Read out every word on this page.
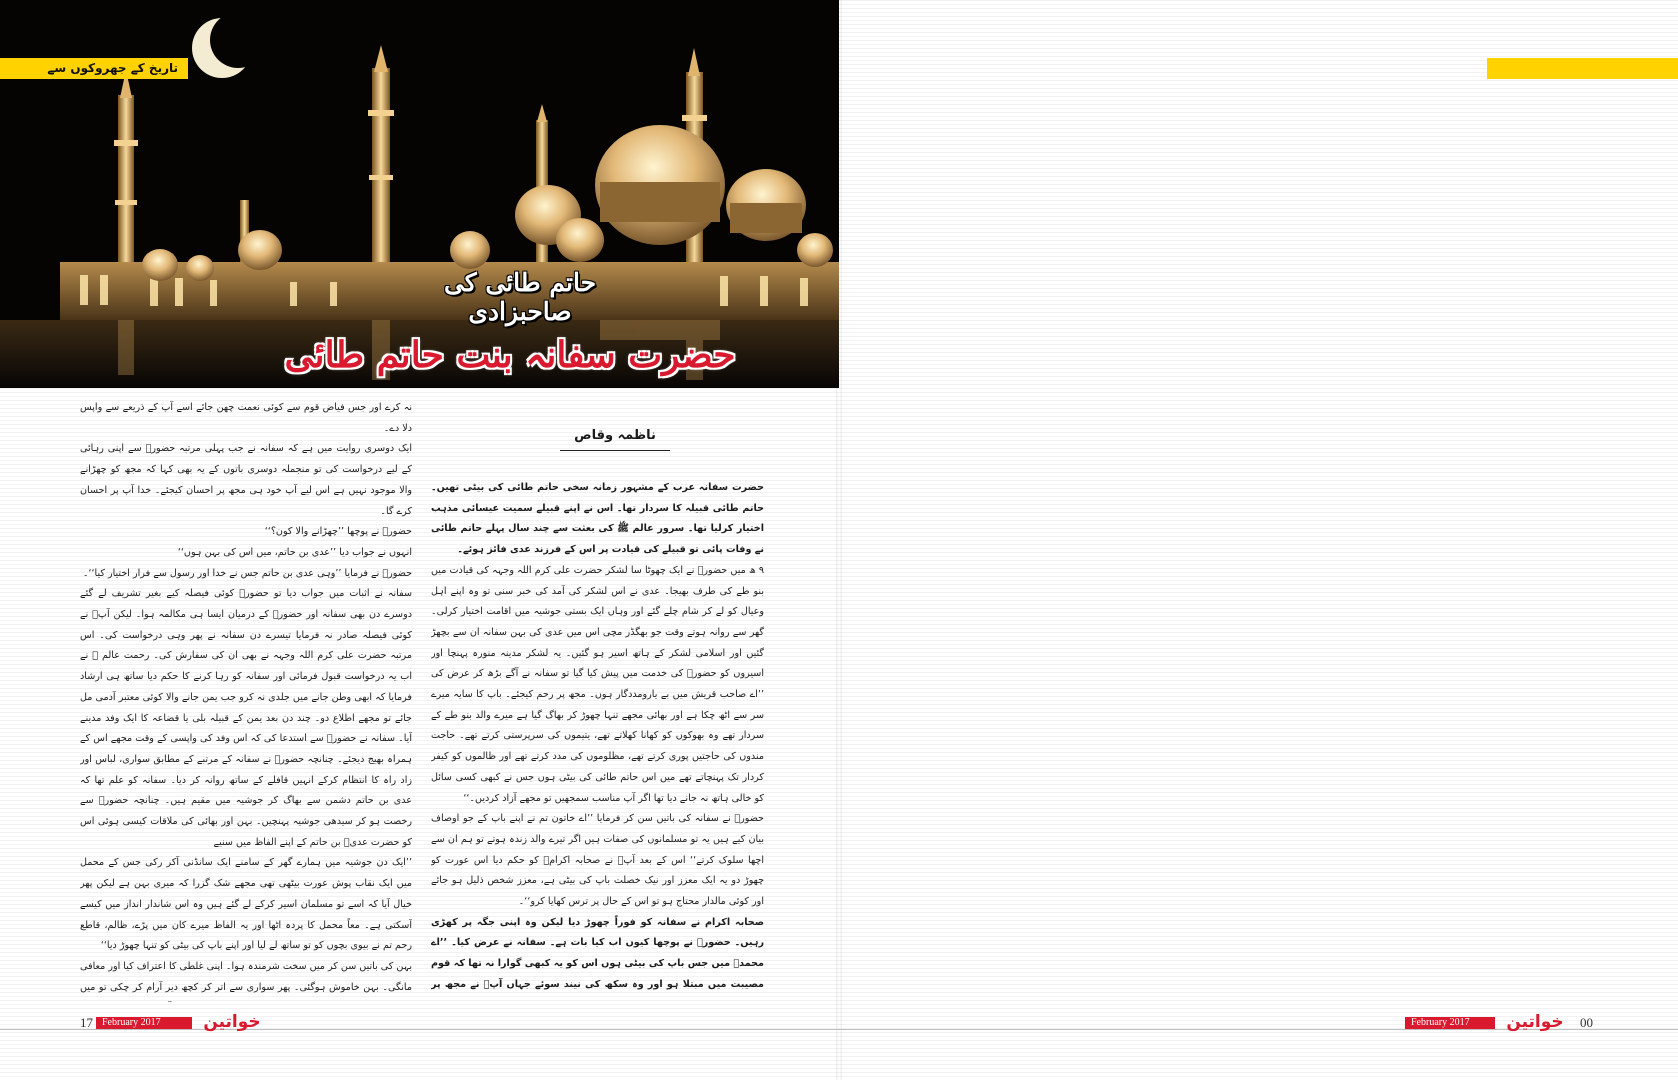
تاریخ کے جھروکوں سے
حاتم طائی کی صاحبزادی
حضرت سفانہ بنت حاتم طائی
ناظمہ وقاص

حضرت سفانہ عرب کے مشہور زمانہ سخی حاتم طائی کی بیٹی تھیں۔ حاتم طائی قبیلہ کا سردار تھا۔ اس نے اپنے قبیلے سمیت عیسائی مذہب اختیار کرلیا تھا۔ سرور عالم ﷺ کی بعثت سے چند سال پہلے حاتم طائی نے وفات پائی تو قبیلے کی قیادت پر اس کے فرزند عدی فائز ہوئے۔

۹ ھ میں حضورؐ نے ایک چھوٹا سا لشکر حضرت علی کرم اللہ وجہہ کی قیادت میں بنو طے کی طرف بھیجا۔ عدی نے اس لشکر کی آمد کی خبر سنی تو وہ اپنے اہل وعیال کو لے کر شام چلے گئے اور وہاں ایک بستی جوشیہ میں اقامت اختیار کرلی۔ گھر سے روانہ ہوتے وقت جو بھگڈر مچی اس میں عدی کی بہن سفانہ ان سے بچھڑ گئیں اور اسلامی لشکر کے ہاتھ اسیر ہو گئیں۔ یہ لشکر مدینہ منورہ پہنچا اور اسیروں کو حضورؐ کی خدمت میں پیش کیا گیا تو سفانہ نے آگے بڑھ کر عرض کی ’’اے صاحب قریش میں بے یارومددگار ہوں۔ مجھ پر رحم کیجئے۔ باپ کا سایہ میرے سر سے اٹھ چکا ہے اور بھائی مجھے تنہا چھوڑ کر بھاگ گیا ہے میرے والد بنو طے کے سردار تھے وہ بھوکوں کو کھانا کھلاتے تھے، یتیموں کی سرپرستی کرتے تھے۔ حاجت مندوں کی حاجتیں پوری کرتے تھے، مظلوموں کی مدد کرتے تھے اور ظالموں کو کیفر کردار تک پہنچاتے تھے میں اس حاتم طائی کی بیٹی ہوں جس نے کبھی کسی سائل کو خالی ہاتھ نہ جانے دیا تھا اگر آپ مناسب سمجھیں تو مجھے آزاد کردیں۔‘‘

حضورؐ نے سفانہ کی باتیں سن کر فرمایا ’’اے خاتون تم نے اپنے باپ کے جو اوصاف بیان کیے ہیں یہ تو مسلمانوں کی صفات ہیں اگر تیرے والد زندہ ہوتے تو ہم ان سے اچھا سلوک کرتے‘‘ اس کے بعد آپؐ نے صحابہ اکرامؓ کو حکم دیا اس عورت کو چھوڑ دو یہ ایک معزز اور نیک خصلت باپ کی بیٹی ہے، معزز شخص ذلیل ہو جائے اور کوئی مالدار محتاج ہو تو اس کے حال پر ترس کھایا کرو‘‘۔

صحابہ اکرام نے سفانہ کو فوراً چھوڑ دیا لیکن وہ اپنی جگہ پر کھڑی رہیں۔ حضورؐ نے پوچھا کیوں اب کیا بات ہے۔ سفانہ نے عرض کیا۔ ’’اے محمدؐ میں جس باپ کی بیٹی ہوں اس کو یہ کبھی گوارا نہ تھا کہ قوم مصیبت میں مبتلا ہو اور وہ سکھ کی نیند سوئے جہاں آپؐ نے مجھ پر

نہ کرے اور جس فیاض قوم سے کوئی نعمت چھن جائے اسے آپ کے ذریعے سے واپس دلا دے۔

ایک دوسری روایت میں ہے کہ سفانہ نے جب پہلی مرتبہ حضورؐ سے اپنی رہائی کے لیے درخواست کی تو منجملہ دوسری باتوں کے یہ بھی کہا کہ مجھ کو چھڑانے والا موجود نہیں ہے اس لیے آپ خود ہی مجھ پر احسان کیجئے۔ خدا آپ پر احسان کرے گا۔

حضورؐ نے پوچھا ’’چھڑانے والا کون؟‘‘

انہوں نے جواب دیا ’’عدی بن حاتم، میں اس کی بہن ہوں‘‘

حضورؐ نے فرمایا ’’وہی عدی بن حاتم جس نے خدا اور رسول سے فرار اختیار کیا‘‘۔

سفانہ نے اثبات میں جواب دیا تو حضورؐ کوئی فیصلہ کیے بغیر تشریف لے گئے دوسرے دن بھی سفانہ اور حضورؐ کے درمیان ایسا ہی مکالمہ ہوا۔ لیکن آپؐ نے کوئی فیصلہ صادر نہ فرمایا تیسرے دن سفانہ نے پھر وہی درخواست کی۔ اس مرتبہ حضرت علی کرم اللہ وجہہ نے بھی ان کی سفارش کی۔ رحمت عالم ﷺ نے اب یہ درخواست قبول فرمائی اور سفانہ کو رہا کرنے کا حکم دیا ساتھ ہی ارشاد فرمایا کہ ابھی وطن جانے میں جلدی نہ کرو جب یمن جانے والا کوئی معتبر آدمی مل جائے تو مجھے اطلاع دو۔ چند دن بعد یمن کے قبیلہ بلی یا قضاعہ کا ایک وفد مدینے آیا۔ سفانہ نے حضورؐ سے استدعا کی کہ اس وفد کی واپسی کے وقت مجھے اس کے ہمراہ بھیج دیجئے۔ چنانچہ حضورؐ نے سفانہ کے مرتبے کے مطابق سواری، لباس اور زاد راہ کا انتظام کرکے انہیں قافلے کے ساتھ روانہ کر دیا۔ سفانہ کو علم تھا کہ عدی بن حاتم دشمن سے بھاگ کر جوشیہ میں مقیم ہیں۔ چنانچہ حضورؐ سے رخصت ہو کر سیدھی جوشیہ پہنچیں۔ بہن اور بھائی کی ملاقات کیسی ہوئی اس کو حضرت عدیؓ بن حاتم کے اپنے الفاظ میں سنیے

’’ایک دن جوشیہ میں ہمارے گھر کے سامنے ایک سانڈنی آکر رکی جس کے محمل میں ایک نقاب پوش عورت بیٹھی تھی مجھے شک گزرا کہ میری بہن ہے لیکن پھر خیال آیا کہ اسے تو مسلمان اسیر کرکے لے گئے ہیں وہ اس شاندار انداز میں کیسے آسکتی ہے۔ معاً محمل کا پردہ اٹھا اور یہ الفاظ میرے کان میں پڑے، ظالم، قاطع رحم تم نے بیوی بچوں کو تو ساتھ لے لیا اور اپنے باپ کی بیٹی کو تنہا چھوڑ دیا‘‘

بہن کی باتیں سن کر میں سخت شرمندہ ہوا۔ اپنی غلطی کا اعتراف کیا اور معافی مانگی۔ بہن خاموش ہوگئی۔ پھر سواری سے اتر کر کچھ دیر آرام کر چکی تو میں

17 February 2017	خواتین	February 2017	خواتین	00
